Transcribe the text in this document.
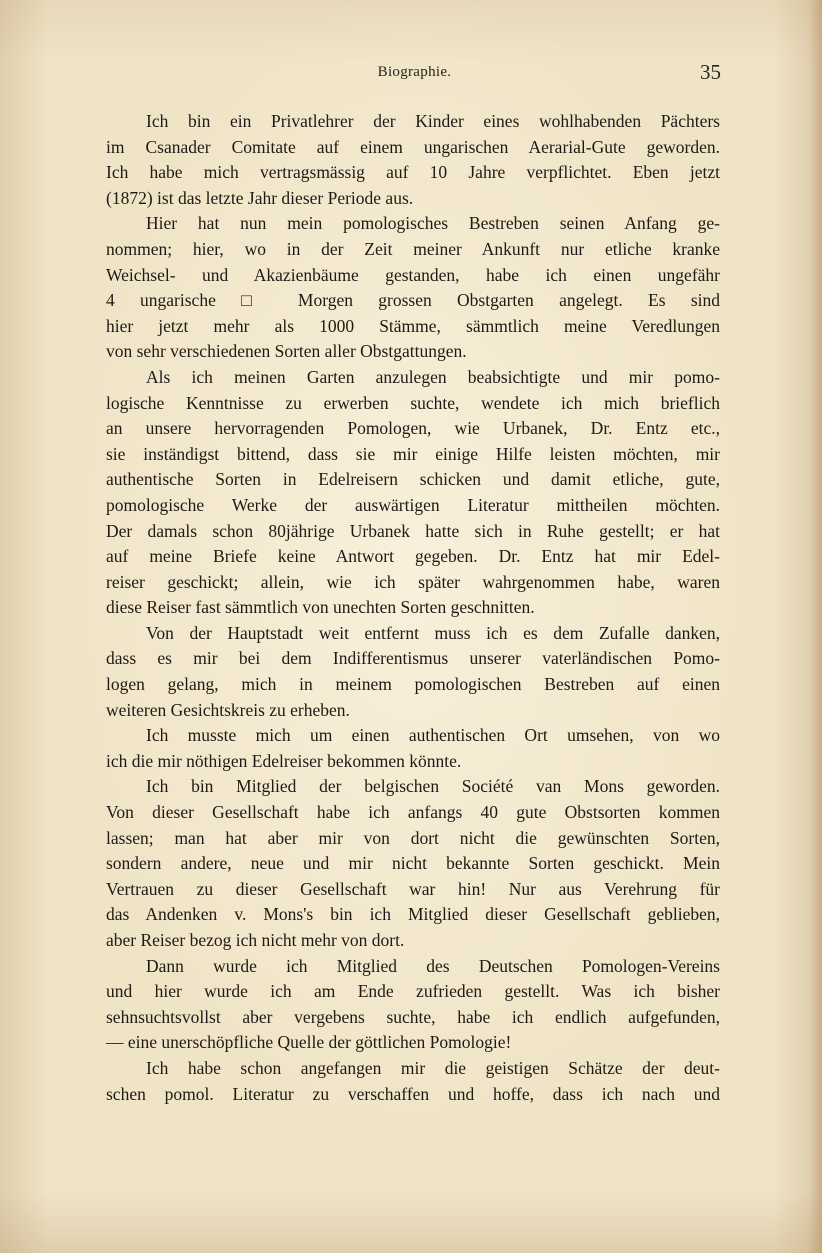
Biographie.	35
Ich bin ein Privatlehrer der Kinder eines wohlhabenden Pächters
im Csanader Comitate auf einem ungarischen Aerarial-Gute geworden.
Ich habe mich vertragsmässig auf 10 Jahre verpflichtet. Eben jetzt
(1872) ist das letzte Jahr dieser Periode aus.
Hier hat nun mein pomologisches Bestreben seinen Anfang ge-
nommen; hier, wo in der Zeit meiner Ankunft nur etliche kranke
Weichsel- und Akazienbäume gestanden, habe ich einen ungefähr
4 ungarische □ Morgen grossen Obstgarten angelegt. Es sind
hier jetzt mehr als 1000 Stämme, sämmtlich meine Veredlungen
von sehr verschiedenen Sorten aller Obstgattungen.
Als ich meinen Garten anzulegen beabsichtigte und mir pomo-
logische Kenntnisse zu erwerben suchte, wendete ich mich brieflich
an unsere hervorragenden Pomologen, wie Urbanek, Dr. Entz etc.,
sie inständigst bittend, dass sie mir einige Hilfe leisten möchten, mir
authentische Sorten in Edelreisern schicken und damit etliche, gute,
pomologische Werke der auswärtigen Literatur mittheilen möchten.
Der damals schon 80jährige Urbanek hatte sich in Ruhe gestellt; er hat
auf meine Briefe keine Antwort gegeben. Dr. Entz hat mir Edel-
reiser geschickt; allein, wie ich später wahrgenommen habe, waren
diese Reiser fast sämmtlich von unechten Sorten geschnitten.
Von der Hauptstadt weit entfernt muss ich es dem Zufalle danken,
dass es mir bei dem Indifferentismus unserer vaterländischen Pomo-
logen gelang, mich in meinem pomologischen Bestreben auf einen
weiteren Gesichtskreis zu erheben.
Ich musste mich um einen authentischen Ort umsehen, von wo
ich die mir nöthigen Edelreiser bekommen könnte.
Ich bin Mitglied der belgischen Société van Mons geworden.
Von dieser Gesellschaft habe ich anfangs 40 gute Obstsorten kommen
lassen; man hat aber mir von dort nicht die gewünschten Sorten,
sondern andere, neue und mir nicht bekannte Sorten geschickt. Mein
Vertrauen zu dieser Gesellschaft war hin! Nur aus Verehrung für
das Andenken v. Mons's bin ich Mitglied dieser Gesellschaft geblieben,
aber Reiser bezog ich nicht mehr von dort.
Dann wurde ich Mitglied des Deutschen Pomologen-Vereins
und hier wurde ich am Ende zufrieden gestellt. Was ich bisher
sehnsuchtsvollst aber vergebens suchte, habe ich endlich aufgefunden,
— eine unerschöpfliche Quelle der göttlichen Pomologie!
Ich habe schon angefangen mir die geistigen Schätze der deut-
schen pomol. Literatur zu verschaffen und hoffe, dass ich nach und
